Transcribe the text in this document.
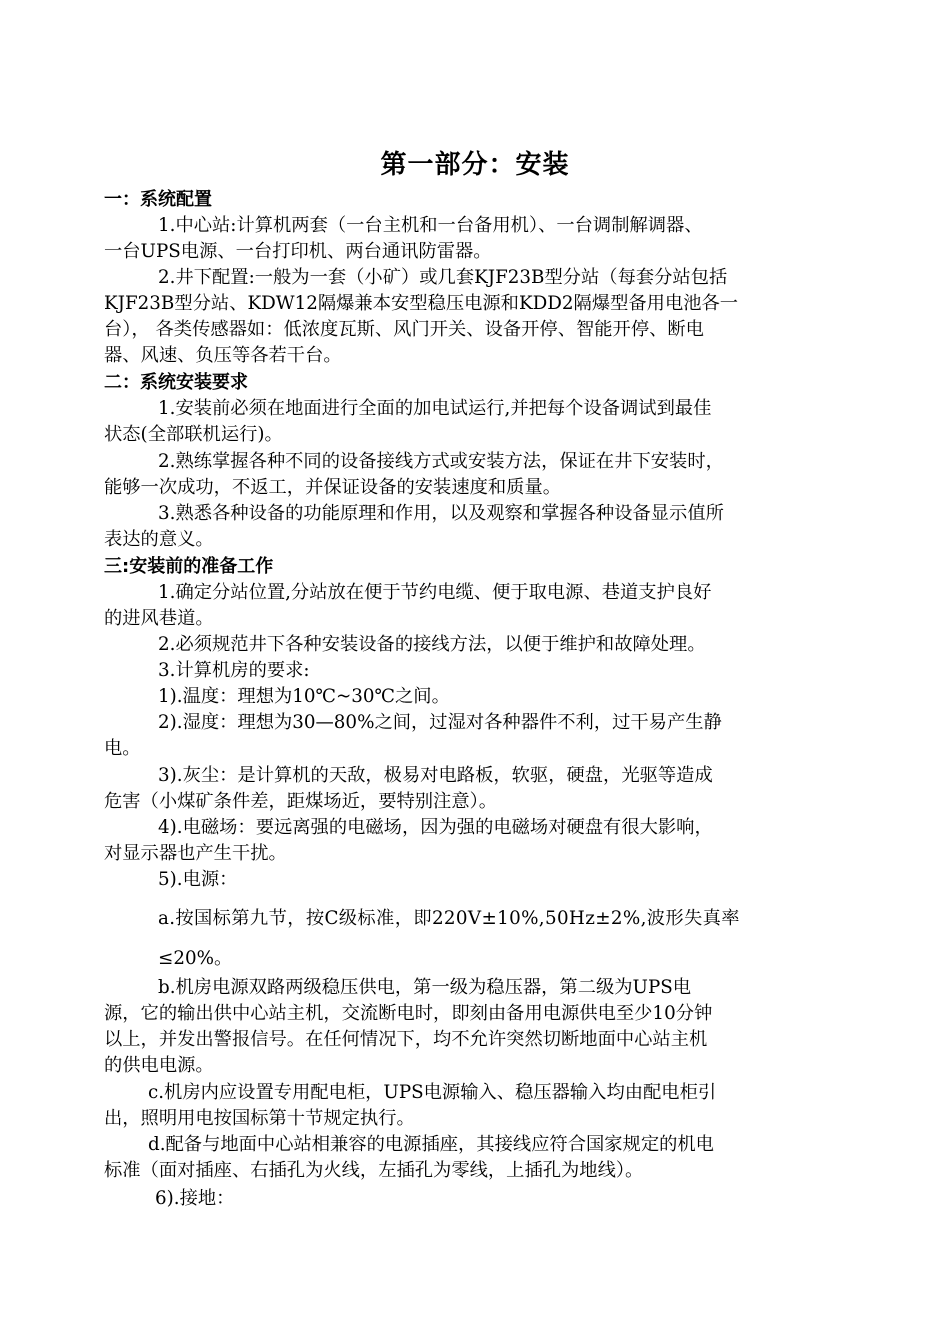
第一部分：安装
一：系统配置
1.中心站:计算机两套（一台主机和一台备用机）、一台调制解调器、
一台UPS电源、一台打印机、两台通讯防雷器。
2.井下配置:一般为一套（小矿）或几套KJF23B型分站（每套分站包括
KJF23B型分站、KDW12隔爆兼本安型稳压电源和KDD2隔爆型备用电池各一
台）， 各类传感器如：低浓度瓦斯、风门开关、设备开停、智能开停、断电
器、风速、负压等各若干台。
二：系统安装要求
1.安装前必须在地面进行全面的加电试运行,并把每个设备调试到最佳
状态(全部联机运行)。
2.熟练掌握各种不同的设备接线方式或安装方法，保证在井下安装时，
能够一次成功，不返工，并保证设备的安装速度和质量。
3.熟悉各种设备的功能原理和作用，以及观察和掌握各种设备显示值所
表达的意义。
三:安装前的准备工作
1.确定分站位置,分站放在便于节约电缆、便于取电源、巷道支护良好
的进风巷道。
2.必须规范井下各种安装设备的接线方法，以便于维护和故障处理。
3.计算机房的要求:
1).温度：理想为10℃~30℃之间。
2).湿度：理想为30—80%之间，过湿对各种器件不利，过干易产生静
电。
3).灰尘：是计算机的天敌，极易对电路板，软驱，硬盘，光驱等造成
危害（小煤矿条件差，距煤场近，要特别注意）。
4).电磁场：要远离强的电磁场，因为强的电磁场对硬盘有很大影响，
对显示器也产生干扰。
5).电源：
a.按国标第九节，按C级标准，即220V±10%,50Hz±2%,波形失真率
≤20%。
b.机房电源双路两级稳压供电，第一级为稳压器，第二级为UPS电
源，它的输出供中心站主机，交流断电时，即刻由备用电源供电至少10分钟
以上，并发出警报信号。在任何情况下，均不允许突然切断地面中心站主机
的供电电源。
c.机房内应设置专用配电柜，UPS电源输入、稳压器输入均由配电柜引
出，照明用电按国标第十节规定执行。
d.配备与地面中心站相兼容的电源插座，其接线应符合国家规定的机电
标准（面对插座、右插孔为火线，左插孔为零线，上插孔为地线）。
6).接地：
